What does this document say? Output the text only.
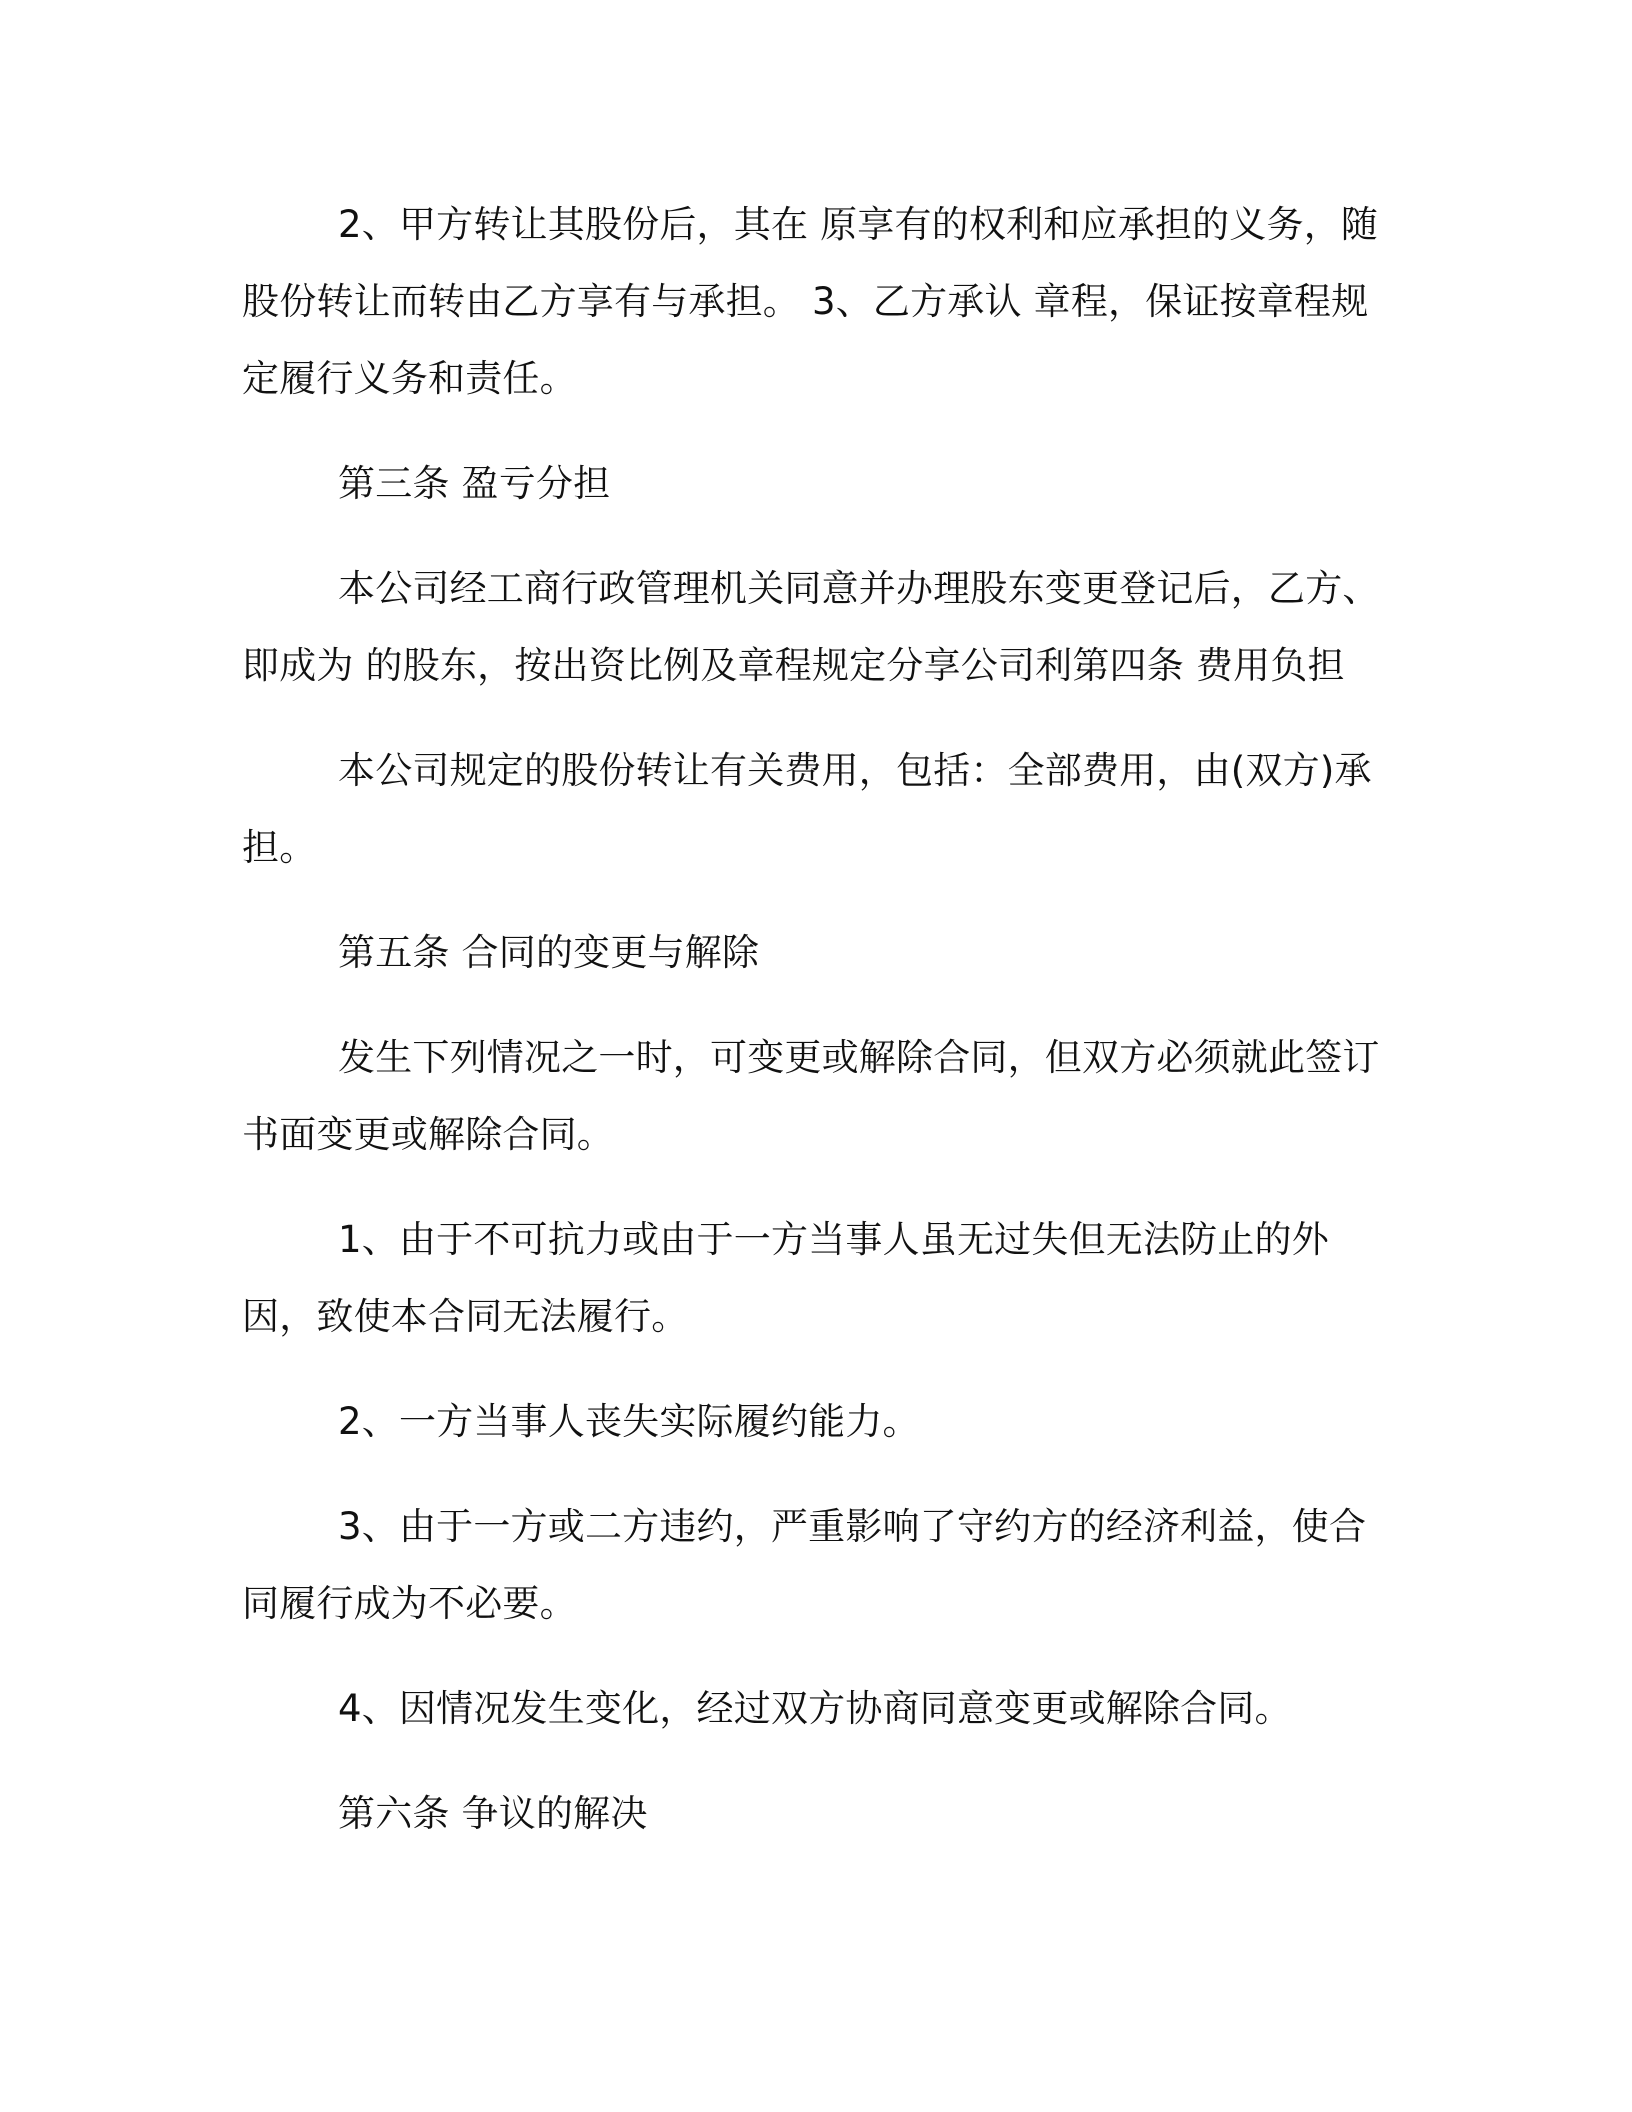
2、甲方转让其股份后，其在 原享有的权利和应承担的义务，随股份转让而转由乙方享有与承担。 3、乙方承认 章程，保证按章程规定履行义务和责任。

第三条 盈亏分担

本公司经工商行政管理机关同意并办理股东变更登记后，乙方、即成为 的股东，按出资比例及章程规定分享公司利第四条 费用负担

本公司规定的股份转让有关费用，包括：全部费用，由(双方)承担。

第五条 合同的变更与解除

发生下列情况之一时，可变更或解除合同，但双方必须就此签订书面变更或解除合同。

1、由于不可抗力或由于一方当事人虽无过失但无法防止的外因，致使本合同无法履行。

2、一方当事人丧失实际履约能力。

3、由于一方或二方违约，严重影响了守约方的经济利益，使合同履行成为不必要。

4、因情况发生变化，经过双方协商同意变更或解除合同。

第六条 争议的解决
